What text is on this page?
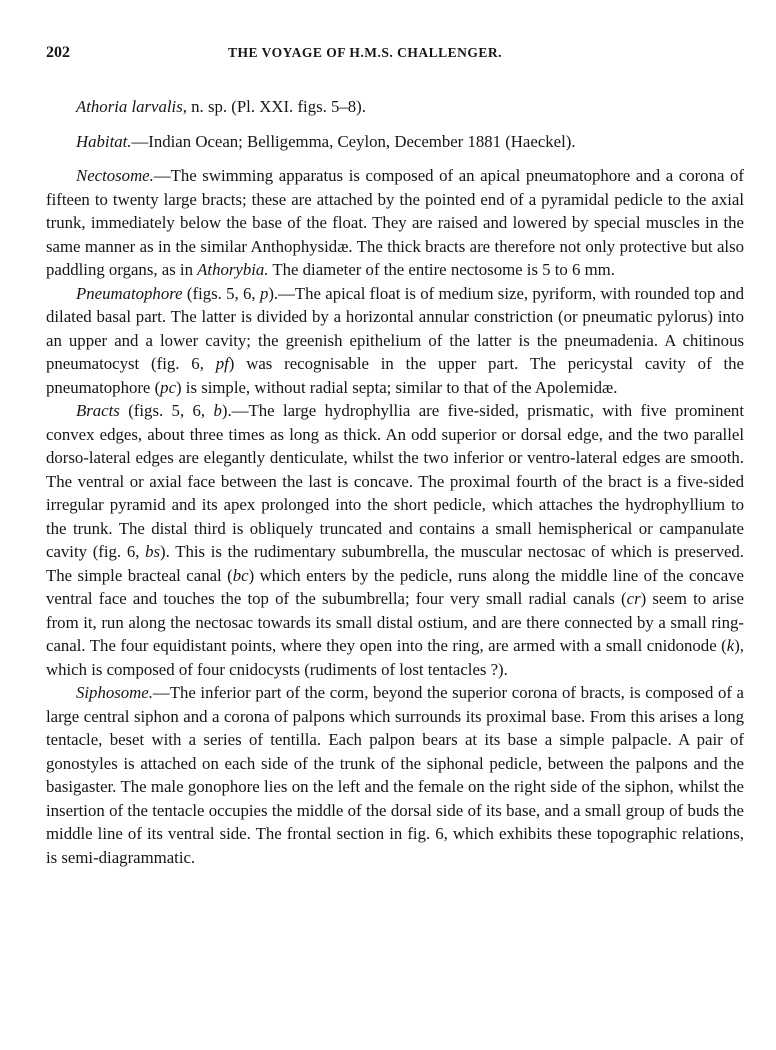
202	THE VOYAGE OF H.M.S. CHALLENGER.

Athoria larvalis, n. sp. (Pl. XXI. figs. 5–8).

Habitat.—Indian Ocean; Belligemma, Ceylon, December 1881 (Haeckel).

Nectosome.—The swimming apparatus is composed of an apical pneumatophore and a corona of fifteen to twenty large bracts; these are attached by the pointed end of a pyramidal pedicle to the axial trunk, immediately below the base of the float. They are raised and lowered by special muscles in the same manner as in the similar Anthophysidæ. The thick bracts are therefore not only protective but also paddling organs, as in Athorybia. The diameter of the entire nectosome is 5 to 6 mm.

Pneumatophore (figs. 5, 6, p).—The apical float is of medium size, pyriform, with rounded top and dilated basal part. The latter is divided by a horizontal annular constriction (or pneumatic pylorus) into an upper and a lower cavity; the greenish epithelium of the latter is the pneumadenia. A chitinous pneumatocyst (fig. 6, pf) was recognisable in the upper part. The pericystal cavity of the pneumatophore (pc) is simple, without radial septa; similar to that of the Apolemidæ.

Bracts (figs. 5, 6, b).—The large hydrophyllia are five-sided, prismatic, with five prominent convex edges, about three times as long as thick. An odd superior or dorsal edge, and the two parallel dorso-lateral edges are elegantly denticulate, whilst the two inferior or ventro-lateral edges are smooth. The ventral or axial face between the last is concave. The proximal fourth of the bract is a five-sided irregular pyramid and its apex prolonged into the short pedicle, which attaches the hydrophyllium to the trunk. The distal third is obliquely truncated and contains a small hemispherical or campanulate cavity (fig. 6, bs). This is the rudimentary subumbrella, the muscular nectosac of which is preserved. The simple bracteal canal (bc) which enters by the pedicle, runs along the middle line of the concave ventral face and touches the top of the subumbrella; four very small radial canals (cr) seem to arise from it, run along the nectosac towards its small distal ostium, and are there connected by a small ring-canal. The four equidistant points, where they open into the ring, are armed with a small cnidonode (k), which is composed of four cnidocysts (rudiments of lost tentacles ?).

Siphosome.—The inferior part of the corm, beyond the superior corona of bracts, is composed of a large central siphon and a corona of palpons which surrounds its proximal base. From this arises a long tentacle, beset with a series of tentilla. Each palpon bears at its base a simple palpacle. A pair of gonostyles is attached on each side of the trunk of the siphonal pedicle, between the palpons and the basigaster. The male gonophore lies on the left and the female on the right side of the siphon, whilst the insertion of the tentacle occupies the middle of the dorsal side of its base, and a small group of buds the middle line of its ventral side. The frontal section in fig. 6, which exhibits these topographic relations, is semi-diagrammatic.
